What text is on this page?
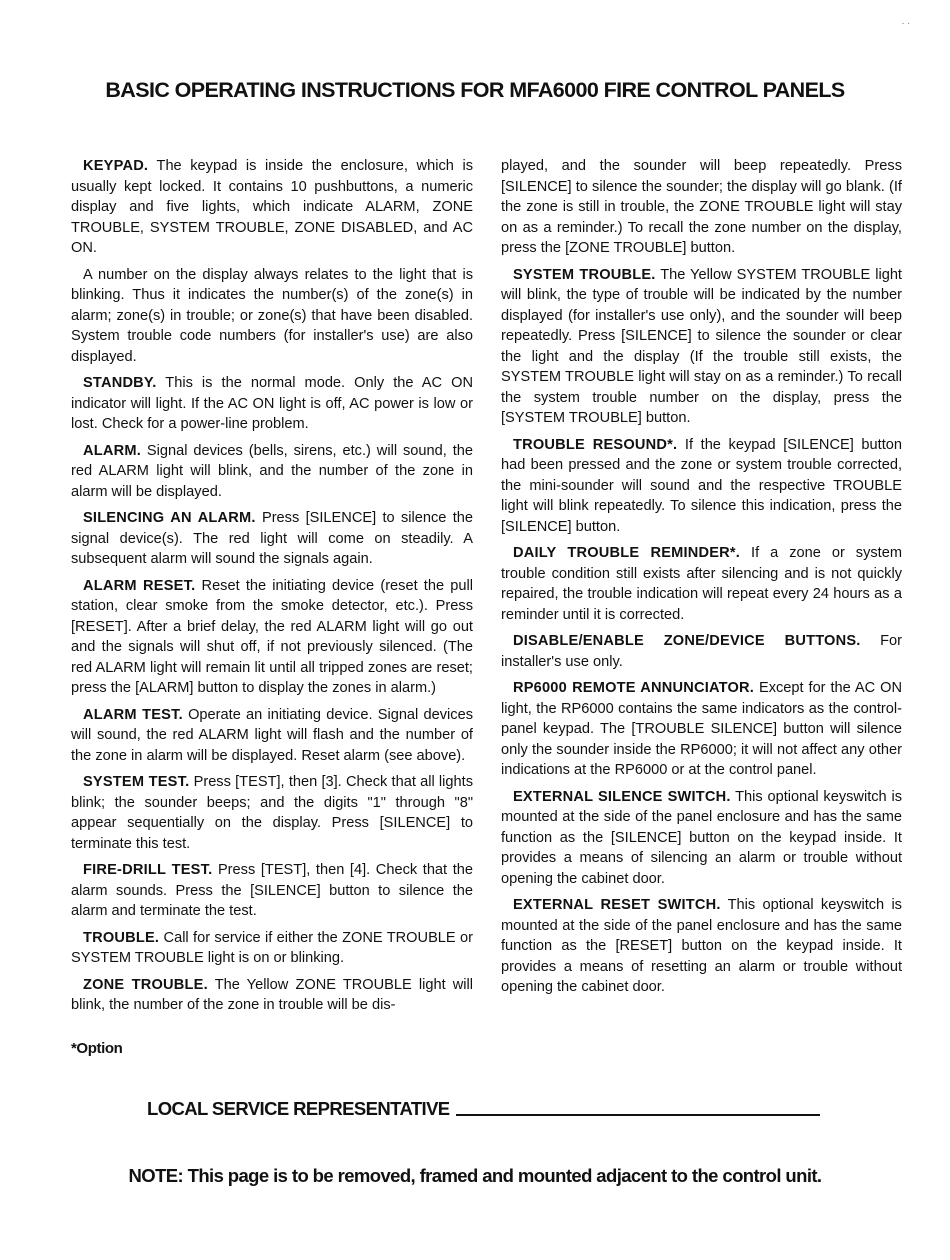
. .
BASIC OPERATING INSTRUCTIONS FOR MFA6000 FIRE CONTROL PANELS

KEYPAD. The keypad is inside the enclosure, which is usually kept locked. It contains 10 pushbuttons, a numeric display and five lights, which indicate ALARM, ZONE TROUBLE, SYSTEM TROUBLE, ZONE DISABLED, and AC ON.

A number on the display always relates to the light that is blinking. Thus it indicates the number(s) of the zone(s) in alarm; zone(s) in trouble; or zone(s) that have been disabled. System trouble code numbers (for installer's use) are also displayed.

STANDBY. This is the normal mode. Only the AC ON indicator will light. If the AC ON light is off, AC power is low or lost. Check for a power-line problem.

ALARM. Signal devices (bells, sirens, etc.) will sound, the red ALARM light will blink, and the number of the zone in alarm will be displayed.

SILENCING AN ALARM. Press [SILENCE] to silence the signal device(s). The red light will come on steadily. A subsequent alarm will sound the signals again.

ALARM RESET. Reset the initiating device (reset the pull station, clear smoke from the smoke detector, etc.). Press [RESET]. After a brief delay, the red ALARM light will go out and the signals will shut off, if not previously silenced. (The red ALARM light will remain lit until all tripped zones are reset; press the [ALARM] button to display the zones in alarm.)

ALARM TEST. Operate an initiating device. Signal devices will sound, the red ALARM light will flash and the number of the zone in alarm will be displayed. Reset alarm (see above).

SYSTEM TEST. Press [TEST], then [3]. Check that all lights blink; the sounder beeps; and the digits "1" through "8" appear sequentially on the display. Press [SILENCE] to terminate this test.

FIRE-DRILL TEST. Press [TEST], then [4]. Check that the alarm sounds. Press the [SILENCE] button to silence the alarm and terminate the test.

TROUBLE. Call for service if either the ZONE TROUBLE or SYSTEM TROUBLE light is on or blinking.

ZONE TROUBLE. The Yellow ZONE TROUBLE light will blink, the number of the zone in trouble will be dis-

played, and the sounder will beep repeatedly. Press [SILENCE] to silence the sounder; the display will go blank. (If the zone is still in trouble, the ZONE TROUBLE light will stay on as a reminder.) To recall the zone number on the display, press the [ZONE TROUBLE] button.

SYSTEM TROUBLE. The Yellow SYSTEM TROUBLE light will blink, the type of trouble will be indicated by the number displayed (for installer's use only), and the sounder will beep repeatedly. Press [SILENCE] to silence the sounder or clear the light and the display (If the trouble still exists, the SYSTEM TROUBLE light will stay on as a reminder.) To recall the system trouble number on the display, press the [SYSTEM TROUBLE] button.

TROUBLE RESOUND*. If the keypad [SILENCE] button had been pressed and the zone or system trouble corrected, the mini-sounder will sound and the respective TROUBLE light will blink repeatedly. To silence this indication, press the [SILENCE] button.

DAILY TROUBLE REMINDER*. If a zone or system trouble condition still exists after silencing and is not quickly repaired, the trouble indication will repeat every 24 hours as a reminder until it is corrected.

DISABLE/ENABLE ZONE/DEVICE BUTTONS. For installer's use only.

RP6000 REMOTE ANNUNCIATOR. Except for the AC ON light, the RP6000 contains the same indicators as the control-panel keypad. The [TROUBLE SILENCE] button will silence only the sounder inside the RP6000; it will not affect any other indications at the RP6000 or at the control panel.

EXTERNAL SILENCE SWITCH. This optional keyswitch is mounted at the side of the panel enclosure and has the same function as the [SILENCE] button on the keypad inside. It provides a means of silencing an alarm or trouble without opening the cabinet door.

EXTERNAL RESET SWITCH. This optional keyswitch is mounted at the side of the panel enclosure and has the same function as the [RESET] button on the keypad inside. It provides a means of resetting an alarm or trouble without opening the cabinet door.

*Option
LOCAL SERVICE REPRESENTATIVE
NOTE: This page is to be removed, framed and mounted adjacent to the control unit.
